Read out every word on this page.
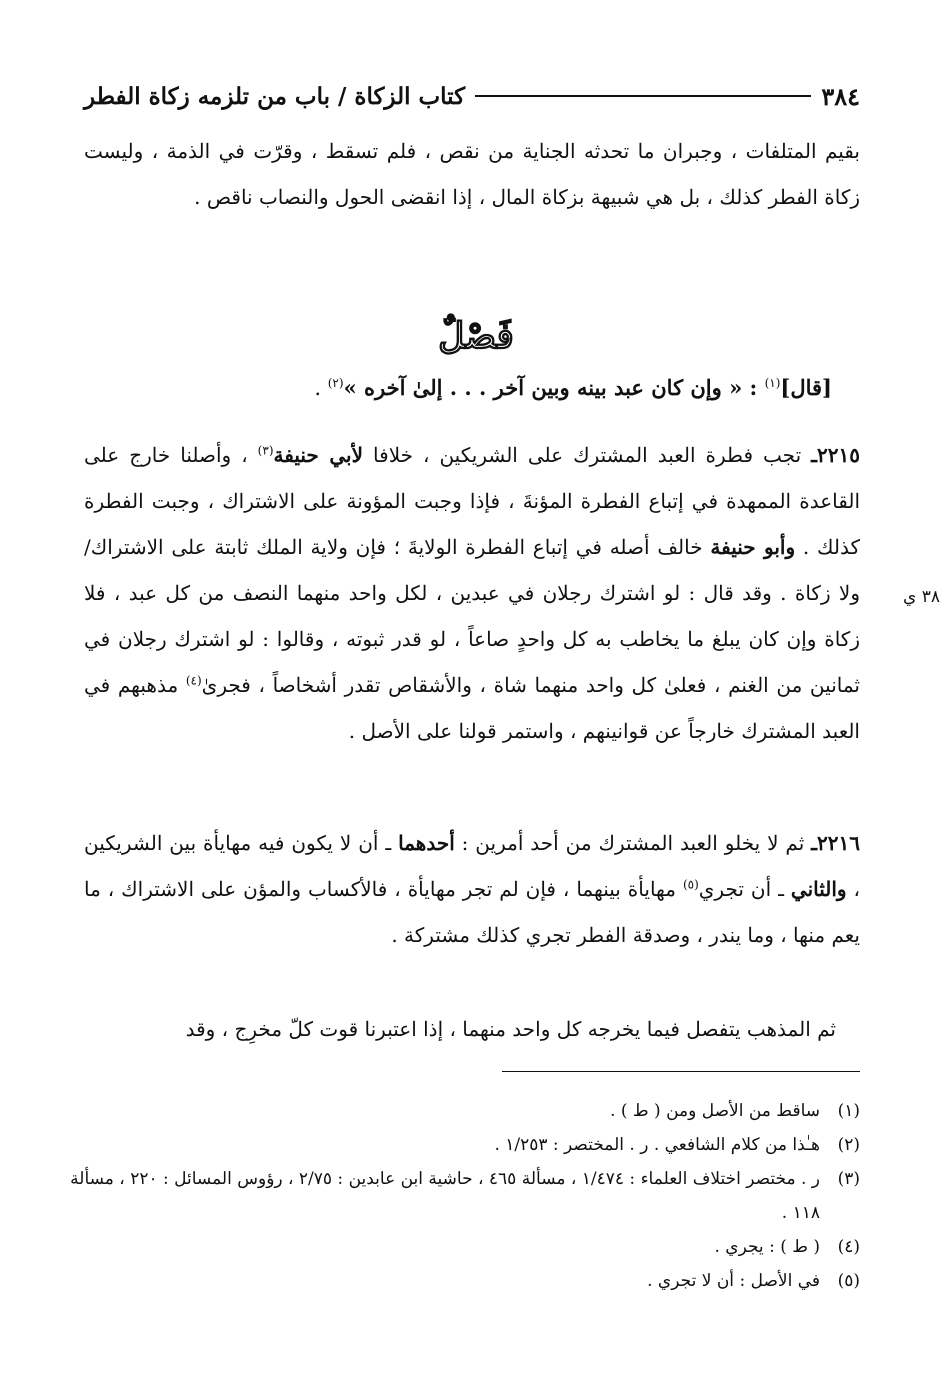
٣٨٤
كتاب الزكاة / باب من تلزمه زكاة الفطر
بقيم المتلفات ، وجبران ما تحدثه الجناية من نقص ، فلم تسقط ، وقرّت في الذمة ، وليست زكاة الفطر كذلك ، بل هي شبيهة بزكاة المال ، إذا انقضى الحول والنصاب ناقص .
فَصْلٌ
[قال]$^{(١)}$ : « وإن كان عبد بينه وبين آخر . . . إلىٰ آخره »$^{(٢)}$ .
٢٢١٥ـ تجب فطرة العبد المشترك على الشريكين ، خلافا لأبي حنيفة$^{(٣)}$ ، وأصلنا خارج على القاعدة الممهدة في إتباع الفطرة المؤنةَ ، فإذا وجبت المؤونة على الاشتراك ، وجبت الفطرة كذلك . وأبو حنيفة خالف أصله في إتباع الفطرة الولايةَ ؛ فإن ولاية الملك ثابتة على الاشتراك/ ولا زكاة . وقد قال : لو اشترك رجلان في عبدين ، لكل واحد منهما النصف من كل عبد ، فلا زكاة وإن كان يبلغ ما يخاطب به كل واحدٍ صاعاً ، لو قدر ثبوته ، وقالوا : لو اشترك رجلان في ثمانين من الغنم ، فعلىٰ كل واحد منهما شاة ، والأشقاص تقدر أشخاصاً ، فجرىٰ$^{(٤)}$ مذهبهم في العبد المشترك خارجاً عن قوانينهم ، واستمر قولنا على الأصل .
٣٨ ي
٢٢١٦ـ ثم لا يخلو العبد المشترك من أحد أمرين : أحدهما ـ أن لا يكون فيه مهايأة بين الشريكين ، والثاني ـ أن تجري$^{(٥)}$ مهايأة بينهما ، فإن لم تجر مهايأة ، فالأكساب والمؤن على الاشتراك ، ما يعم منها ، وما يندر ، وصدقة الفطر تجري كذلك مشتركة .
ثم المذهب يتفصل فيما يخرجه كل واحد منهما ، إذا اعتبرنا قوت كلّ مخرِج ، وقد
(١)
ساقط من الأصل ومن ( ط ) .
(٢)
هـٰذا من كلام الشافعي . ر . المختصر : ١/٢٥٣ .
(٣)
ر . مختصر اختلاف العلماء : ١/٤٧٤ ، مسألة ٤٦٥ ، حاشية ابن عابدين : ٢/٧٥ ، رؤوس المسائل : ٢٢٠ ، مسألة ١١٨ .
(٤)
( ط ) : يجري .
(٥)
في الأصل : أن لا تجري .
